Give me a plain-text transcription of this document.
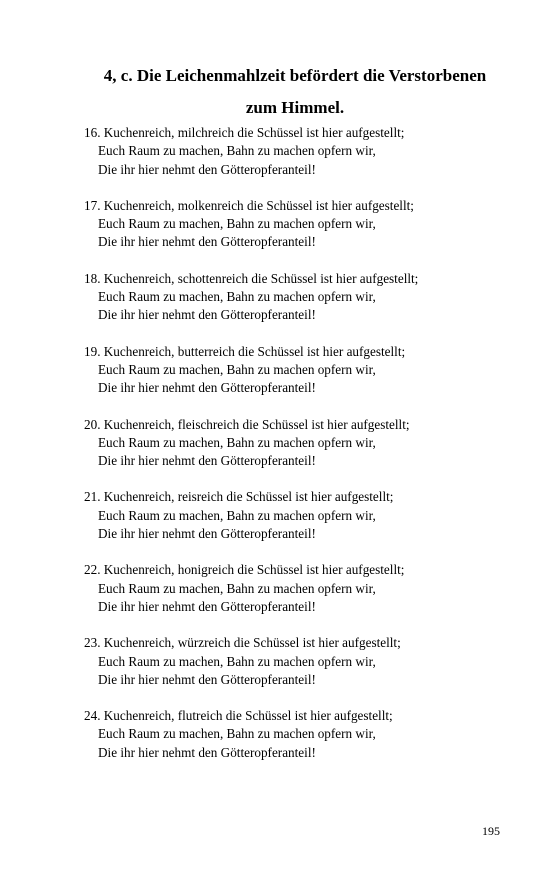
4, c. Die Leichenmahlzeit befördert die Verstorbenen
zum Himmel.
16. Kuchenreich, milchreich die Schüssel ist hier aufgestellt;
Euch Raum zu machen, Bahn zu machen opfern wir,
Die ihr hier nehmt den Götteropferanteil!
17. Kuchenreich, molkenreich die Schüssel ist hier aufgestellt;
Euch Raum zu machen, Bahn zu machen opfern wir,
Die ihr hier nehmt den Götteropferanteil!
18. Kuchenreich, schottenreich die Schüssel ist hier aufgestellt;
Euch Raum zu machen, Bahn zu machen opfern wir,
Die ihr hier nehmt den Götteropferanteil!
19. Kuchenreich, butterreich die Schüssel ist hier aufgestellt;
Euch Raum zu machen, Bahn zu machen opfern wir,
Die ihr hier nehmt den Götteropferanteil!
20. Kuchenreich, fleischreich die Schüssel ist hier aufgestellt;
Euch Raum zu machen, Bahn zu machen opfern wir,
Die ihr hier nehmt den Götteropferanteil!
21. Kuchenreich, reisreich die Schüssel ist hier aufgestellt;
Euch Raum zu machen, Bahn zu machen opfern wir,
Die ihr hier nehmt den Götteropferanteil!
22. Kuchenreich, honigreich die Schüssel ist hier aufgestellt;
Euch Raum zu machen, Bahn zu machen opfern wir,
Die ihr hier nehmt den Götteropferanteil!
23. Kuchenreich, würzreich die Schüssel ist hier aufgestellt;
Euch Raum zu machen, Bahn zu machen opfern wir,
Die ihr hier nehmt den Götteropferanteil!
24. Kuchenreich, flutreich die Schüssel ist hier aufgestellt;
Euch Raum zu machen, Bahn zu machen opfern wir,
Die ihr hier nehmt den Götteropferanteil!
195
